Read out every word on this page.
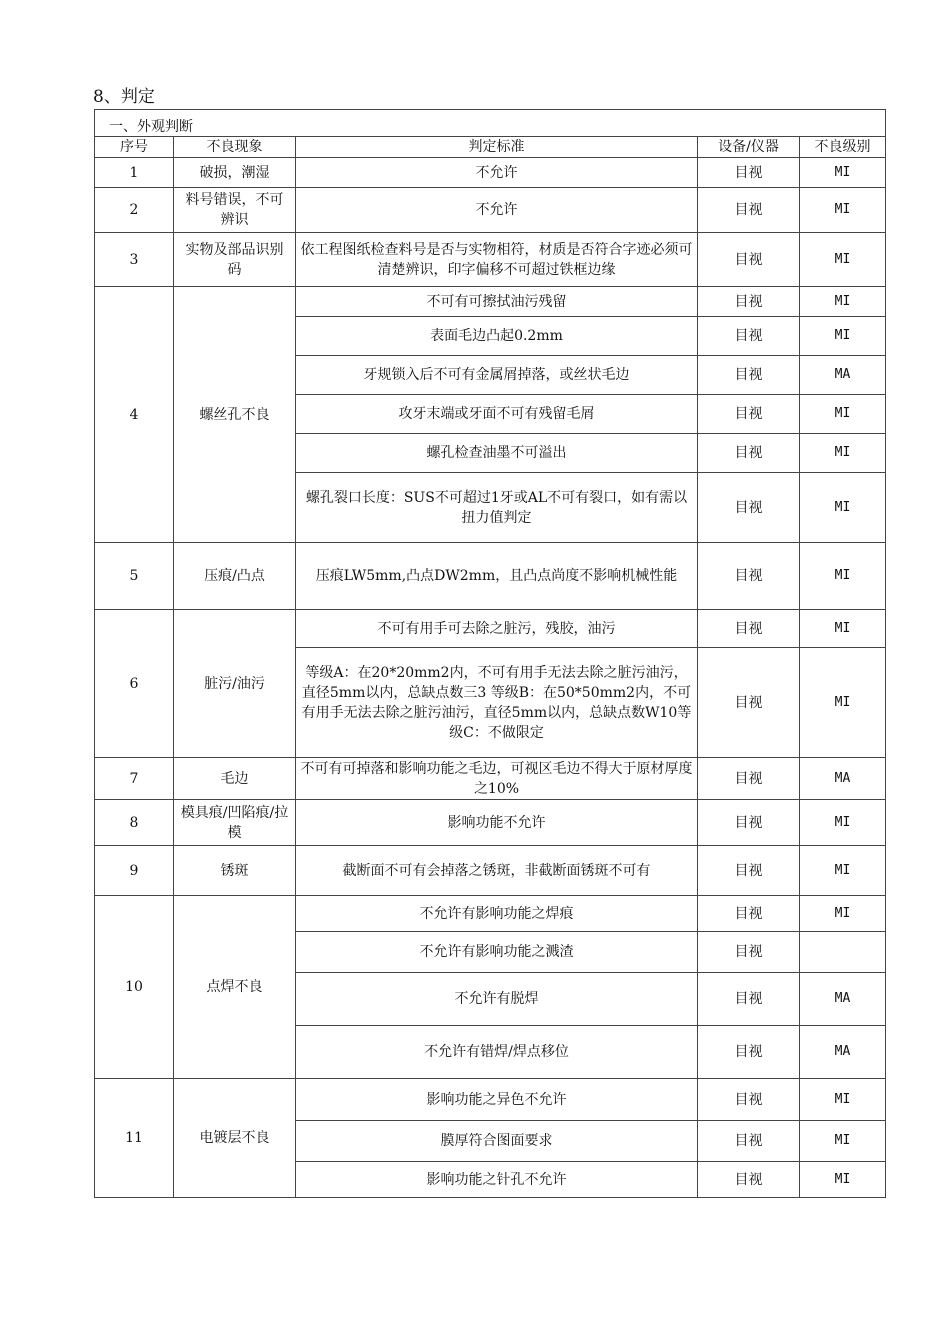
8、判定
一、外观判断				
序号	不良现象	判定标准	设备/仪器	不良级别
1	破损，潮湿	不允许	目视	MI
2	料号错误，不可辨识	不允许	目视	MI
3	实物及部品识别码	依工程图纸检查料号是否与实物相符，材质是否符合字迹必须可清楚辨识，印字偏移不可超过铁框边缘	目视	MI
4	螺丝孔不良	不可有可擦拭油污残留	目视	MI
		表面毛边凸起0.2mm	目视	MI
		牙规锁入后不可有金属屑掉落，或丝状毛边	目视	MA
		攻牙末端或牙面不可有残留毛屑	目视	MI
		螺孔检查油墨不可溢出	目视	MI
		螺孔裂口长度：SUS不可超过1牙或AL不可有裂口，如有需以扭力值判定	目视	MI
5	压痕/凸点	压痕LW5mm,凸点DW2mm，且凸点尚度不影响机械性能	目视	MI
6	脏污/油污	不可有用手可去除之脏污，残胶，油污	目视	MI
		等级A：在20*20mm2内，不可有用手无法去除之脏污油污，直径5mm以内，总缺点数三3 等级B：在50*50mm2内，不可有用手无法去除之脏污油污，直径5mm以内，总缺点数W10等级C：不做限定	目视	MI
7	毛边	不可有可掉落和影响功能之毛边，可视区毛边不得大于原材厚度之10%	目视	MA
8	模具痕/凹陷痕/拉模	影响功能不允许	目视	MI
9	锈斑	截断面不可有会掉落之锈斑，非截断面锈斑不可有	目视	MI
10	点焊不良	不允许有影响功能之焊痕	目视	MI
		不允许有影响功能之溅渣	目视	
		不允许有脱焊	目视	MA
		不允许有错焊/焊点移位	目视	MA
11	电镀层不良	影响功能之异色不允许	目视	MI
		膜厚符合图面要求	目视	MI
		影响功能之针孔不允许	目视	MI
